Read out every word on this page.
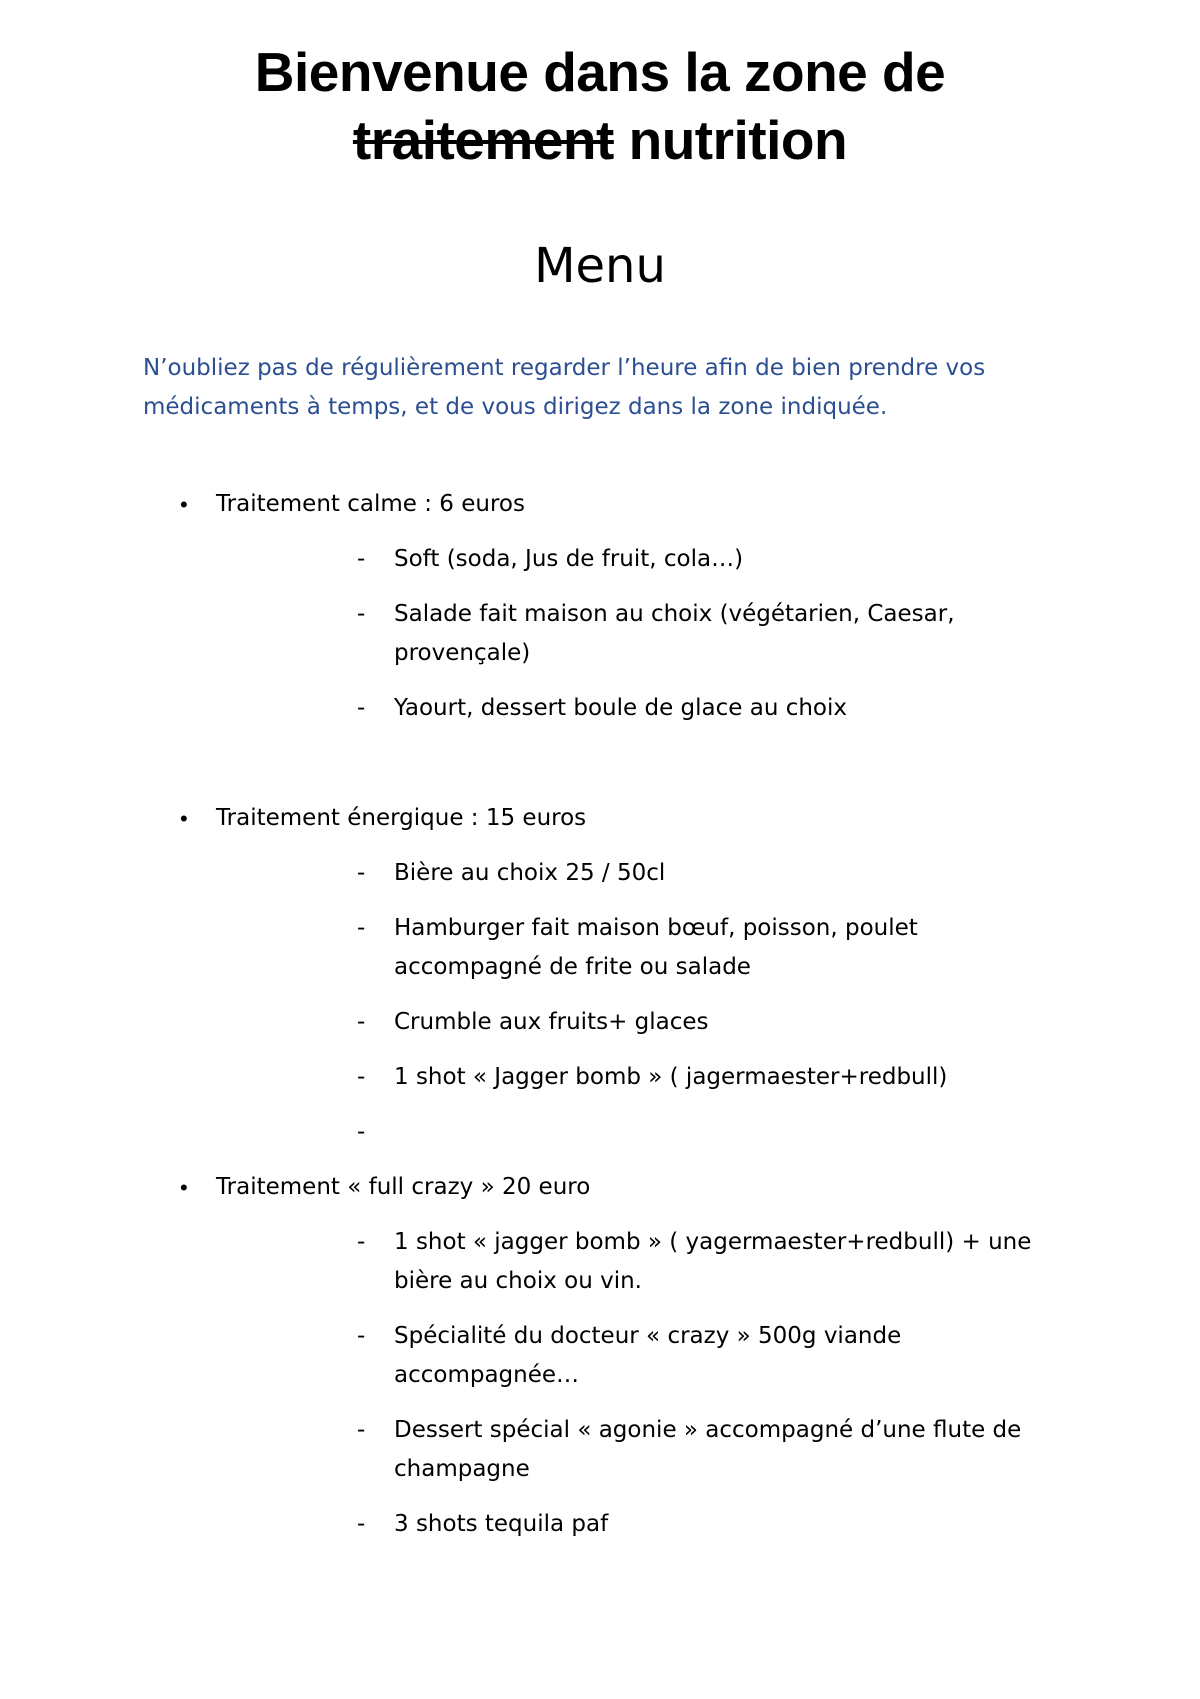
Bienvenue dans la zone de
traitement nutrition
Menu

N’oubliez pas de régulièrement regarder l’heure afin de bien prendre vos
médicaments à temps, et de vous dirigez dans la zone indiquée.

• Traitement calme : 6 euros
- Soft (soda, Jus de fruit, cola…)
- Salade fait maison au choix (végétarien, Caesar,
provençale)
- Yaourt, dessert boule de glace au choix
• Traitement énergique : 15 euros
- Bière au choix 25 / 50cl
- Hamburger fait maison bœuf, poisson, poulet
accompagné de frite ou salade
- Crumble aux fruits+ glaces
- 1 shot « Jagger bomb » ( jagermaester+redbull)
-
• Traitement « full crazy » 20 euro
- 1 shot « jagger bomb » ( yagermaester+redbull) + une
bière au choix ou vin.
- Spécialité du docteur « crazy » 500g viande
accompagnée…
- Dessert spécial « agonie » accompagné d’une flute de
champagne
- 3 shots tequila paf
